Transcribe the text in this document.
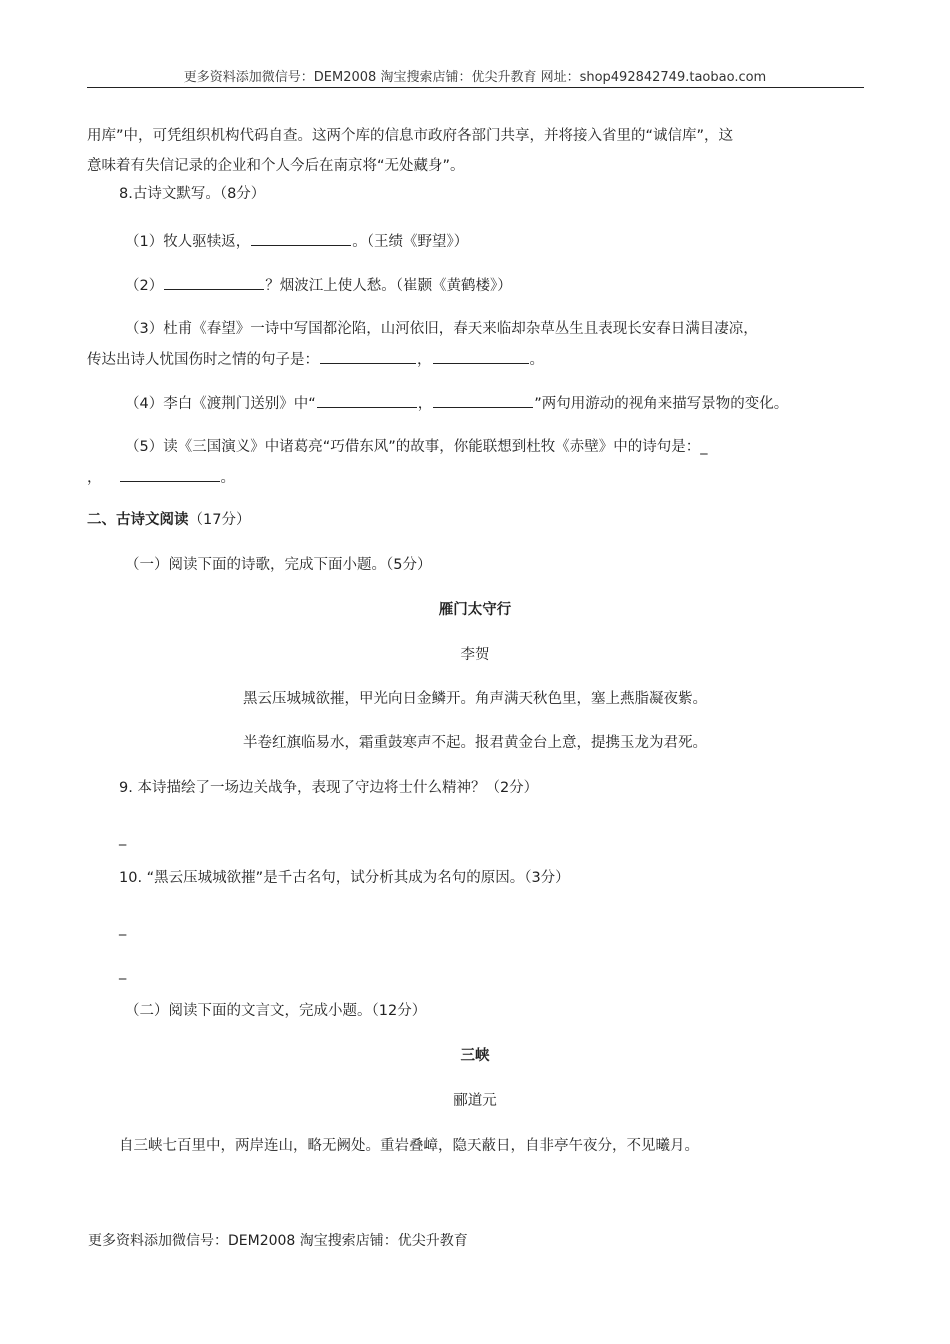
更多资料添加微信号：DEM2008 淘宝搜索店铺：优尖升教育 网址：shop492842749.taobao.com
用库”中，可凭组织机构代码自查。这两个库的信息市政府各部门共享，并将接入省里的“诚信库”，这
意味着有失信记录的企业和个人今后在南京将“无处藏身”。
8.古诗文默写。（8分）
（1）牧人驱犊返，	。（王绩《野望》）
（2）	？烟波江上使人愁。（崔颢《黄鹤楼》）
（3）杜甫《春望》一诗中写国都沦陷，山河依旧，春天来临却杂草丛生且表现长安春日满目凄凉，
传达出诗人忧国伤时之情的句子是：	，	。
（4）李白《渡荆门送别》中“	，	”两句用游动的视角来描写景物的变化。
（5）读《三国演义》中诸葛亮“巧借东风”的故事，你能联想到杜牧《赤壁》中的诗句是：_
，	。
二、古诗文阅读（17分）
（一）阅读下面的诗歌，完成下面小题。（5分）
雁门太守行
李贺
黑云压城城欲摧，甲光向日金鳞开。角声满天秋色里，塞上燕脂凝夜紫。
半卷红旗临易水，霜重鼓寒声不起。报君黄金台上意，提携玉龙为君死。
9. 本诗描绘了一场边关战争，表现了守边将士什么精神？（2分）
_
10. “黑云压城城欲摧”是千古名句，试分析其成为名句的原因。（3分）
_
_
（二）阅读下面的文言文，完成小题。（12分）
三峡
郦道元
自三峡七百里中，两岸连山，略无阙处。重岩叠嶂，隐天蔽日，自非亭午夜分，不见曦月。
更多资料添加微信号：DEM2008 淘宝搜索店铺：优尖升教育
